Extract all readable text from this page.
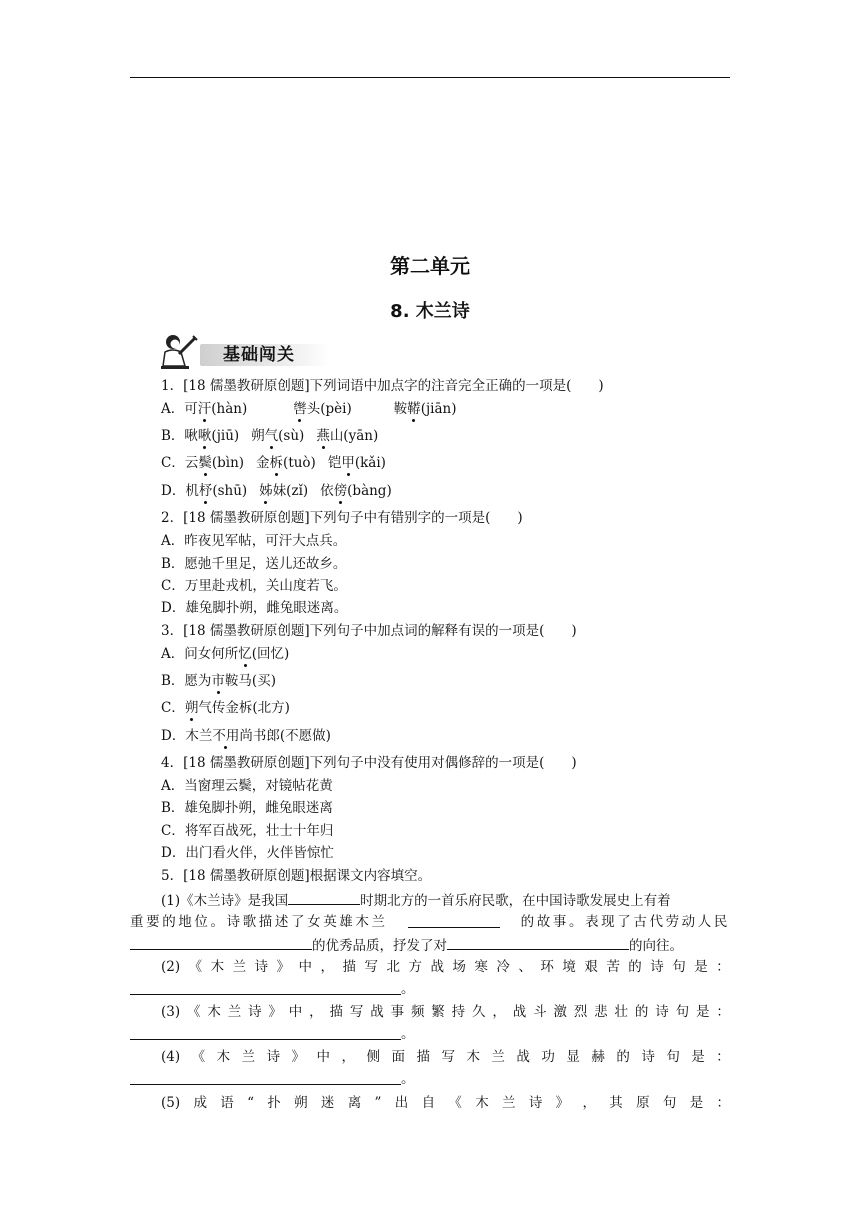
第二单元
8. 木兰诗
基础闯关
1．[18 儒墨教研原创题]下列词语中加点字的注音完全正确的一项是(　　)
A．可汗(hàn)	辔头(pèi)	鞍鞯(jiān)
B．啾啾(jiū) 朔气(sù) 燕山(yān)
C．云鬓(bìn) 金柝(tuò) 铠甲(kǎi)
D．机杼(shū) 姊妹(zǐ) 依傍(bàng)
2．[18 儒墨教研原创题]下列句子中有错别字的一项是(　　)
A．昨夜见军帖，可汗大点兵。
B．愿弛千里足，送儿还故乡。
C．万里赴戎机，关山度若飞。
D．雄兔脚扑朔，雌兔眼迷离。
3．[18 儒墨教研原创题]下列句子中加点词的解释有误的一项是(　　)
A．问女何所忆(回忆)
B．愿为市鞍马(买)
C．朔气传金柝(北方)
D．木兰不用尚书郎(不愿做)
4．[18 儒墨教研原创题]下列句子中没有使用对偶修辞的一项是(　　)
A．当窗理云鬓，对镜帖花黄
B．雄兔脚扑朔，雌兔眼迷离
C．将军百战死，壮士十年归
D．出门看火伴，火伴皆惊忙
5．[18 儒墨教研原创题]根据课文内容填空。
(1)《木兰诗》是我国	时期北方的一首乐府民歌，在中国诗歌发展史上有着
重要的地位。诗歌描述了女英雄木兰	的故事。表现了古代劳动人民
的优秀品质，抒发了对	的向往。
(2) 《 木 兰 诗 》 中 ， 描 写 北 方 战 场 寒 冷 、 环 境 艰 苦 的 诗 句 是 ：
。
(3) 《 木 兰 诗 》 中 ， 描 写 战 事 频 繁 持 久 ， 战 斗 激 烈 悲 壮 的 诗 句 是 ：
。
(4) 《 木 兰 诗 》 中 ， 侧 面 描 写 木 兰 战 功 显 赫 的 诗 句 是 ：
。
(5) 成 语 “ 扑 朔 迷 离 ” 出 自 《 木 兰 诗 》 ， 其 原 句 是 ：
